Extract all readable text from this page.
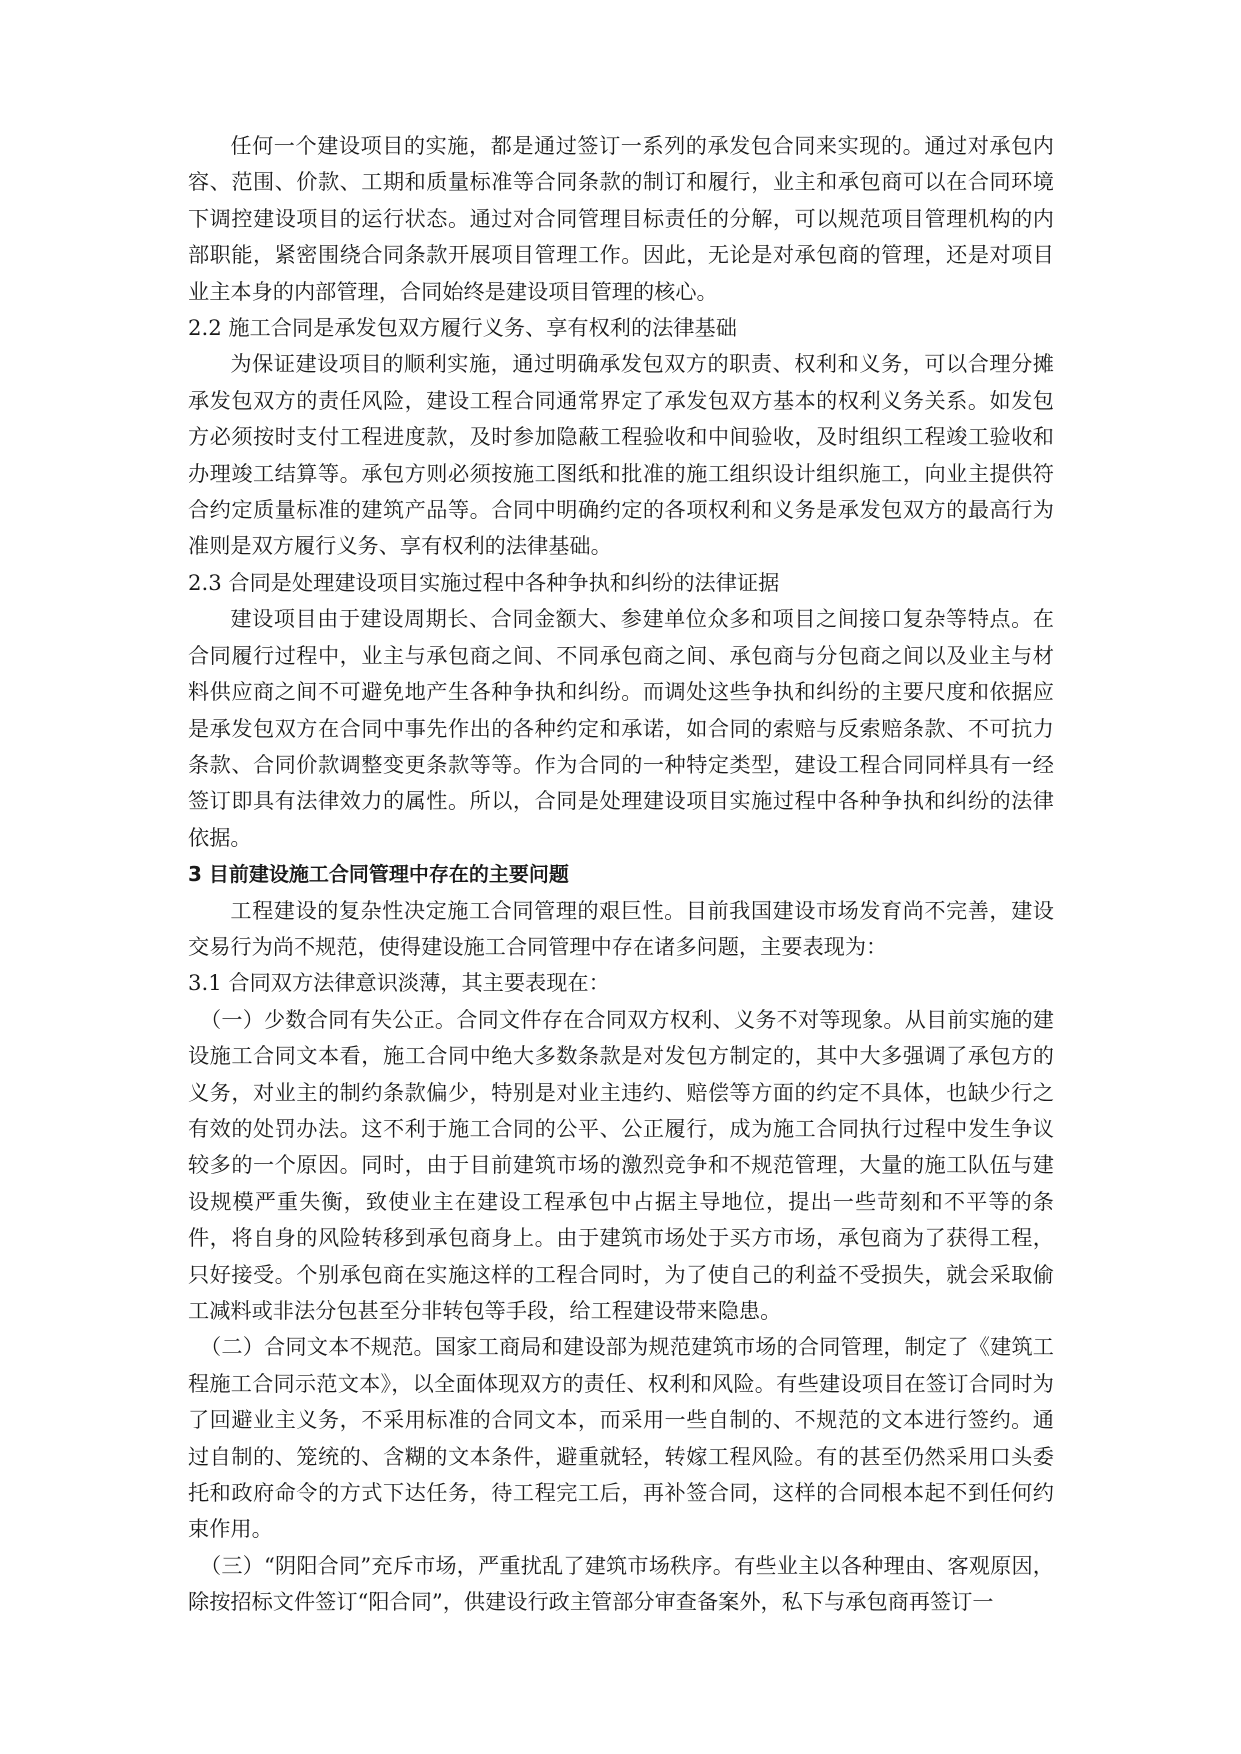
任何一个建设项目的实施，都是通过签订一系列的承发包合同来实现的。通过对承包内容、范围、价款、工期和质量标准等合同条款的制订和履行，业主和承包商可以在合同环境下调控建设项目的运行状态。通过对合同管理目标责任的分解，可以规范项目管理机构的内部职能，紧密围绕合同条款开展项目管理工作。因此，无论是对承包商的管理，还是对项目业主本身的内部管理，合同始终是建设项目管理的核心。

2.2 施工合同是承发包双方履行义务、享有权利的法律基础

为保证建设项目的顺利实施，通过明确承发包双方的职责、权利和义务，可以合理分摊承发包双方的责任风险，建设工程合同通常界定了承发包双方基本的权利义务关系。如发包方必须按时支付工程进度款，及时参加隐蔽工程验收和中间验收，及时组织工程竣工验收和办理竣工结算等。承包方则必须按施工图纸和批准的施工组织设计组织施工，向业主提供符合约定质量标准的建筑产品等。合同中明确约定的各项权利和义务是承发包双方的最高行为准则是双方履行义务、享有权利的法律基础。

2.3 合同是处理建设项目实施过程中各种争执和纠纷的法律证据

建设项目由于建设周期长、合同金额大、参建单位众多和项目之间接口复杂等特点。在合同履行过程中，业主与承包商之间、不同承包商之间、承包商与分包商之间以及业主与材料供应商之间不可避免地产生各种争执和纠纷。而调处这些争执和纠纷的主要尺度和依据应是承发包双方在合同中事先作出的各种约定和承诺，如合同的索赔与反索赔条款、不可抗力条款、合同价款调整变更条款等等。作为合同的一种特定类型，建设工程合同同样具有一经签订即具有法律效力的属性。所以，合同是处理建设项目实施过程中各种争执和纠纷的法律依据。

3 目前建设施工合同管理中存在的主要问题

工程建设的复杂性决定施工合同管理的艰巨性。目前我国建设市场发育尚不完善，建设交易行为尚不规范，使得建设施工合同管理中存在诸多问题，主要表现为：

3.1 合同双方法律意识淡薄，其主要表现在：

（一）少数合同有失公正。合同文件存在合同双方权利、义务不对等现象。从目前实施的建设施工合同文本看，施工合同中绝大多数条款是对发包方制定的，其中大多强调了承包方的义务，对业主的制约条款偏少，特别是对业主违约、赔偿等方面的约定不具体，也缺少行之有效的处罚办法。这不利于施工合同的公平、公正履行，成为施工合同执行过程中发生争议较多的一个原因。同时，由于目前建筑市场的激烈竞争和不规范管理，大量的施工队伍与建设规模严重失衡，致使业主在建设工程承包中占据主导地位，提出一些苛刻和不平等的条件，将自身的风险转移到承包商身上。由于建筑市场处于买方市场，承包商为了获得工程，只好接受。个别承包商在实施这样的工程合同时，为了使自己的利益不受损失，就会采取偷工减料或非法分包甚至分非转包等手段，给工程建设带来隐患。

（二）合同文本不规范。国家工商局和建设部为规范建筑市场的合同管理，制定了《建筑工程施工合同示范文本》，以全面体现双方的责任、权利和风险。有些建设项目在签订合同时为了回避业主义务，不采用标准的合同文本，而采用一些自制的、不规范的文本进行签约。通过自制的、笼统的、含糊的文本条件，避重就轻，转嫁工程风险。有的甚至仍然采用口头委托和政府命令的方式下达任务，待工程完工后，再补签合同，这样的合同根本起不到任何约束作用。

（三）“阴阳合同”充斥市场，严重扰乱了建筑市场秩序。有些业主以各种理由、客观原因，除按招标文件签订“阳合同”，供建设行政主管部分审查备案外，私下与承包商再签订一
